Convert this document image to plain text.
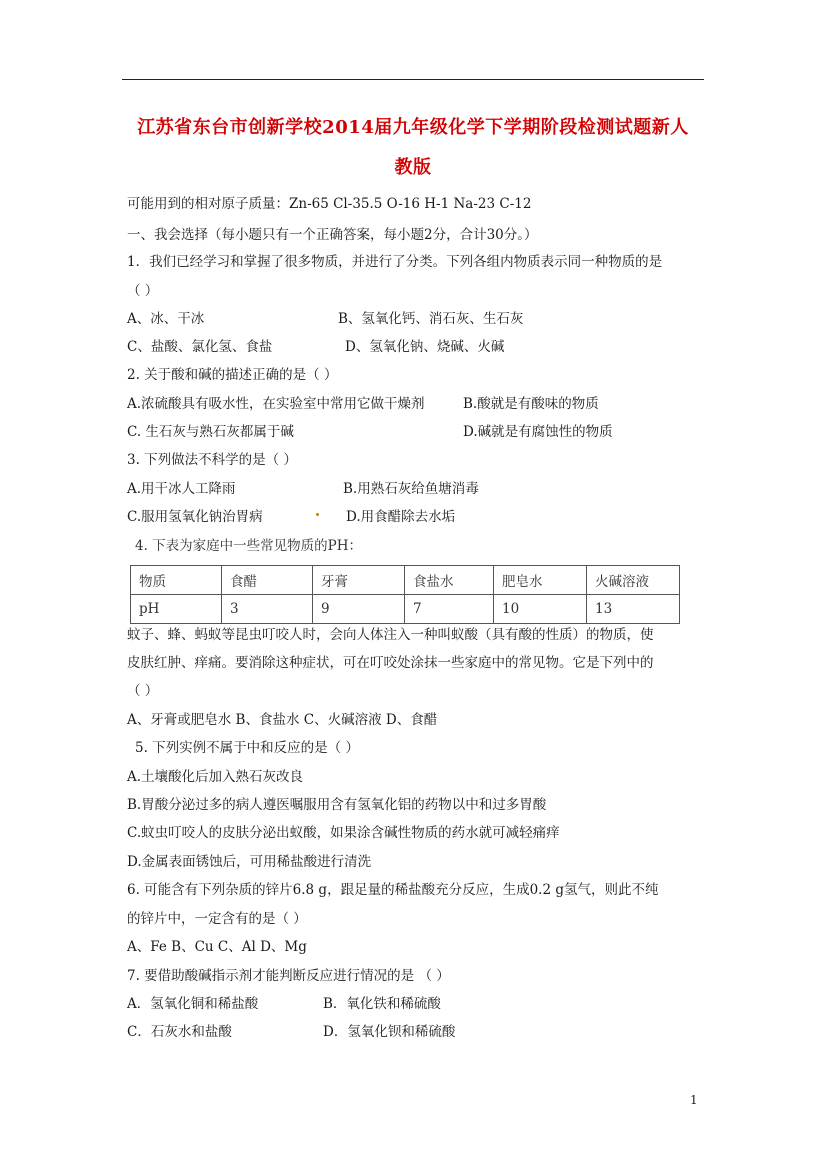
江苏省东台市创新学校2014届九年级化学下学期阶段检测试题新人
教版
可能用到的相对原子质量：Zn-65 Cl-35.5 O-16 H-1 Na-23 C-12
一、我会选择（每小题只有一个正确答案，每小题2分，合计30分。）
1．我们已经学习和掌握了很多物质，并进行了分类。下列各组内物质表示同一种物质的是
（ ）
A、冰、干冰	B、氢氧化钙、消石灰、生石灰
C、盐酸、氯化氢、食盐	D、氢氧化钠、烧碱、火碱
2. 关于酸和碱的描述正确的是（ ）
A.浓硫酸具有吸水性，在实验室中常用它做干燥剂	B.酸就是有酸味的物质
C. 生石灰与熟石灰都属于碱	D.碱就是有腐蚀性的物质
3. 下列做法不科学的是（ ）
A.用干冰人工降雨	B.用熟石灰给鱼塘消毒
C.服用氢氧化钠治胃病	D.用食醋除去水垢
4. 下表为家庭中一些常见物质的PH：
物质	食醋	牙膏	食盐水	肥皂水	火碱溶液
pH	3	9	7	10	13
蚊子、蜂、蚂蚁等昆虫叮咬人时，会向人体注入一种叫蚁酸（具有酸的性质）的物质，使
皮肤红肿、痒痛。要消除这种症状，可在叮咬处涂抹一些家庭中的常见物。它是下列中的
（ ）
A、牙膏或肥皂水 B、食盐水 C、火碱溶液 D、食醋
5. 下列实例不属于中和反应的是（ ）
A.土壤酸化后加入熟石灰改良
B.胃酸分泌过多的病人遵医嘱服用含有氢氧化铝的药物以中和过多胃酸
C.蚊虫叮咬人的皮肤分泌出蚁酸，如果涂含碱性物质的药水就可减轻痛痒
D.金属表面锈蚀后，可用稀盐酸进行清洗
6. 可能含有下列杂质的锌片6.8 g，跟足量的稀盐酸充分反应，生成0.2 g氢气，则此不纯
的锌片中，一定含有的是（ ）
A、Fe B、Cu C、Al D、Mg
7. 要借助酸碱指示剂才能判断反应进行情况的是 （ ）
A．氢氧化铜和稀盐酸	B．氧化铁和稀硫酸
C．石灰水和盐酸	D．氢氧化钡和稀硫酸
1
